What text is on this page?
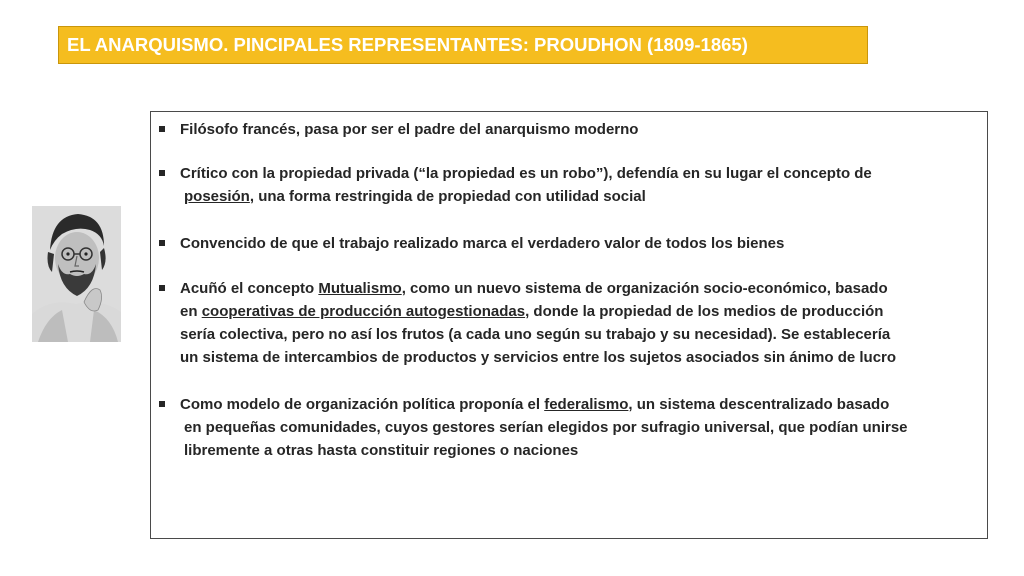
EL ANARQUISMO. PINCIPALES REPRESENTANTES: PROUDHON (1809-1865)
Filósofo francés, pasa por ser el padre del anarquismo moderno
Crítico con la propiedad privada (“la propiedad es un robo”), defendía en su lugar el concepto de
posesión, una forma restringida de propiedad con utilidad social
Convencido de que el trabajo realizado marca el verdadero valor de todos los bienes
Acuñó el concepto Mutualismo, como un nuevo sistema de organización socio-económico, basado
en cooperativas de producción autogestionadas, donde la propiedad de los medios de producción
sería colectiva, pero no así los frutos (a cada uno según su trabajo y su necesidad). Se establecería
un sistema de intercambios de productos y servicios entre los sujetos asociados sin ánimo de lucro
Como modelo de organización política proponía el federalismo, un sistema descentralizado basado
en pequeñas comunidades, cuyos gestores serían elegidos por sufragio universal, que podían unirse
libremente a otras hasta constituir regiones o naciones
